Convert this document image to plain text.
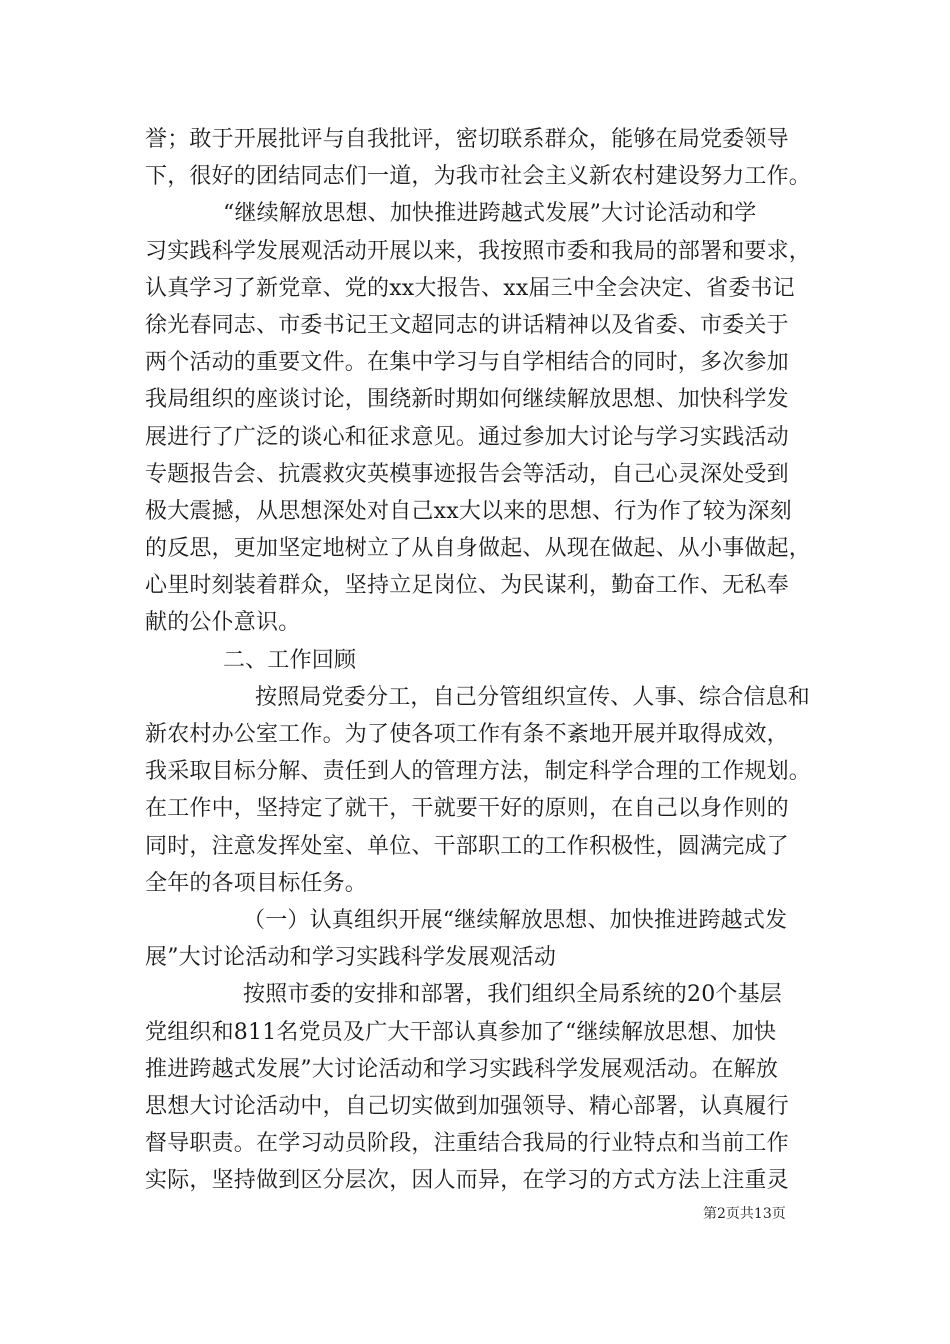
誉；敢于开展批评与自我批评，密切联系群众，能够在局党委领导
下，很好的团结同志们一道，为我市社会主义新农村建设努力工作。

“继续解放思想、加快推进跨越式发展”大讨论活动和学
习实践科学发展观活动开展以来，我按照市委和我局的部署和要求，
认真学习了新党章、党的xx大报告、xx届三中全会决定、省委书记
徐光春同志、市委书记王文超同志的讲话精神以及省委、市委关于
两个活动的重要文件。在集中学习与自学相结合的同时，多次参加
我局组织的座谈讨论，围绕新时期如何继续解放思想、加快科学发
展进行了广泛的谈心和征求意见。通过参加大讨论与学习实践活动
专题报告会、抗震救灾英模事迹报告会等活动，自己心灵深处受到
极大震撼，从思想深处对自己xx大以来的思想、行为作了较为深刻
的反思，更加坚定地树立了从自身做起、从现在做起、从小事做起，
心里时刻装着群众，坚持立足岗位、为民谋利，勤奋工作、无私奉
献的公仆意识。

二、工作回顾

按照局党委分工，自己分管组织宣传、人事、综合信息和
新农村办公室工作。为了使各项工作有条不紊地开展并取得成效，
我采取目标分解、责任到人的管理方法，制定科学合理的工作规划。
在工作中，坚持定了就干，干就要干好的原则，在自己以身作则的
同时，注意发挥处室、单位、干部职工的工作积极性，圆满完成了
全年的各项目标任务。

（一）认真组织开展“继续解放思想、加快推进跨越式发
展”大讨论活动和学习实践科学发展观活动

按照市委的安排和部署，我们组织全局系统的20个基层
党组织和811名党员及广大干部认真参加了“继续解放思想、加快
推进跨越式发展”大讨论活动和学习实践科学发展观活动。在解放
思想大讨论活动中，自己切实做到加强领导、精心部署，认真履行
督导职责。在学习动员阶段，注重结合我局的行业特点和当前工作
实际，坚持做到区分层次，因人而异，在学习的方式方法上注重灵

第2页共13页
